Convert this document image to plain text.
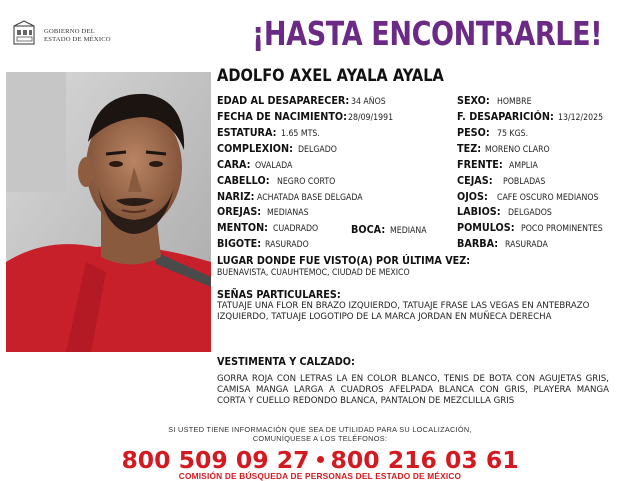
GOBIERNO DEL
ESTADO DE MÉXICO	¡HASTA ENCONTRARLE!
ADOLFO AXEL AYALA AYALA
EDAD AL DESAPARECER: 34 AÑOS
FECHA DE NACIMIENTO: 28/09/1991
ESTATURA: 1.65 MTS.
COMPLEXION: DELGADO
CARA: OVALADA
CABELLO: NEGRO CORTO
NARIZ: ACHATADA BASE DELGADA
OREJAS: MEDIANAS
MENTON: CUADRADO
BIGOTE: RASURADO
BOCA: MEDIANA
SEXO: HOMBRE
F. DESAPARICIÓN: 13/12/2025
PESO: 75 KGS.
TEZ: MORENO CLARO
FRENTE: AMPLIA
CEJAS: POBLADAS
OJOS: CAFE OSCURO MEDIANOS
LABIOS: DELGADOS
POMULOS: POCO PROMINENTES
BARBA: RASURADA
LUGAR DONDE FUE VISTO(A) POR ÚLTIMA VEZ:
BUENAVISTA, CUAUHTEMOC, CIUDAD DE MEXICO
SEÑAS PARTICULARES:
TATUAJE UNA FLOR EN BRAZO IZQUIERDO, TATUAJE FRASE LAS VEGAS EN ANTEBRAZO IZQUIERDO, TATUAJE LOGOTIPO DE LA MARCA JORDAN EN MUÑECA DERECHA
VESTIMENTA Y CALZADO:
GORRA ROJA CON LETRAS LA EN COLOR BLANCO, TENIS DE BOTA CON AGUJETAS GRIS, CAMISA MANGA LARGA A CUADROS AFELPADA BLANCA CON GRIS, PLAYERA MANGA CORTA Y CUELLO REDONDO BLANCA, PANTALON DE MEZCLILLA GRIS
SI USTED TIENE INFORMACIÓN QUE SEA DE UTILIDAD PARA SU LOCALIZACIÓN,
COMUNÍQUESE A LOS TELÉFONOS:
800 509 09 27 800 216 03 61
COMISIÓN DE BÚSQUEDA DE PERSONAS DEL ESTADO DE MÉXICO
